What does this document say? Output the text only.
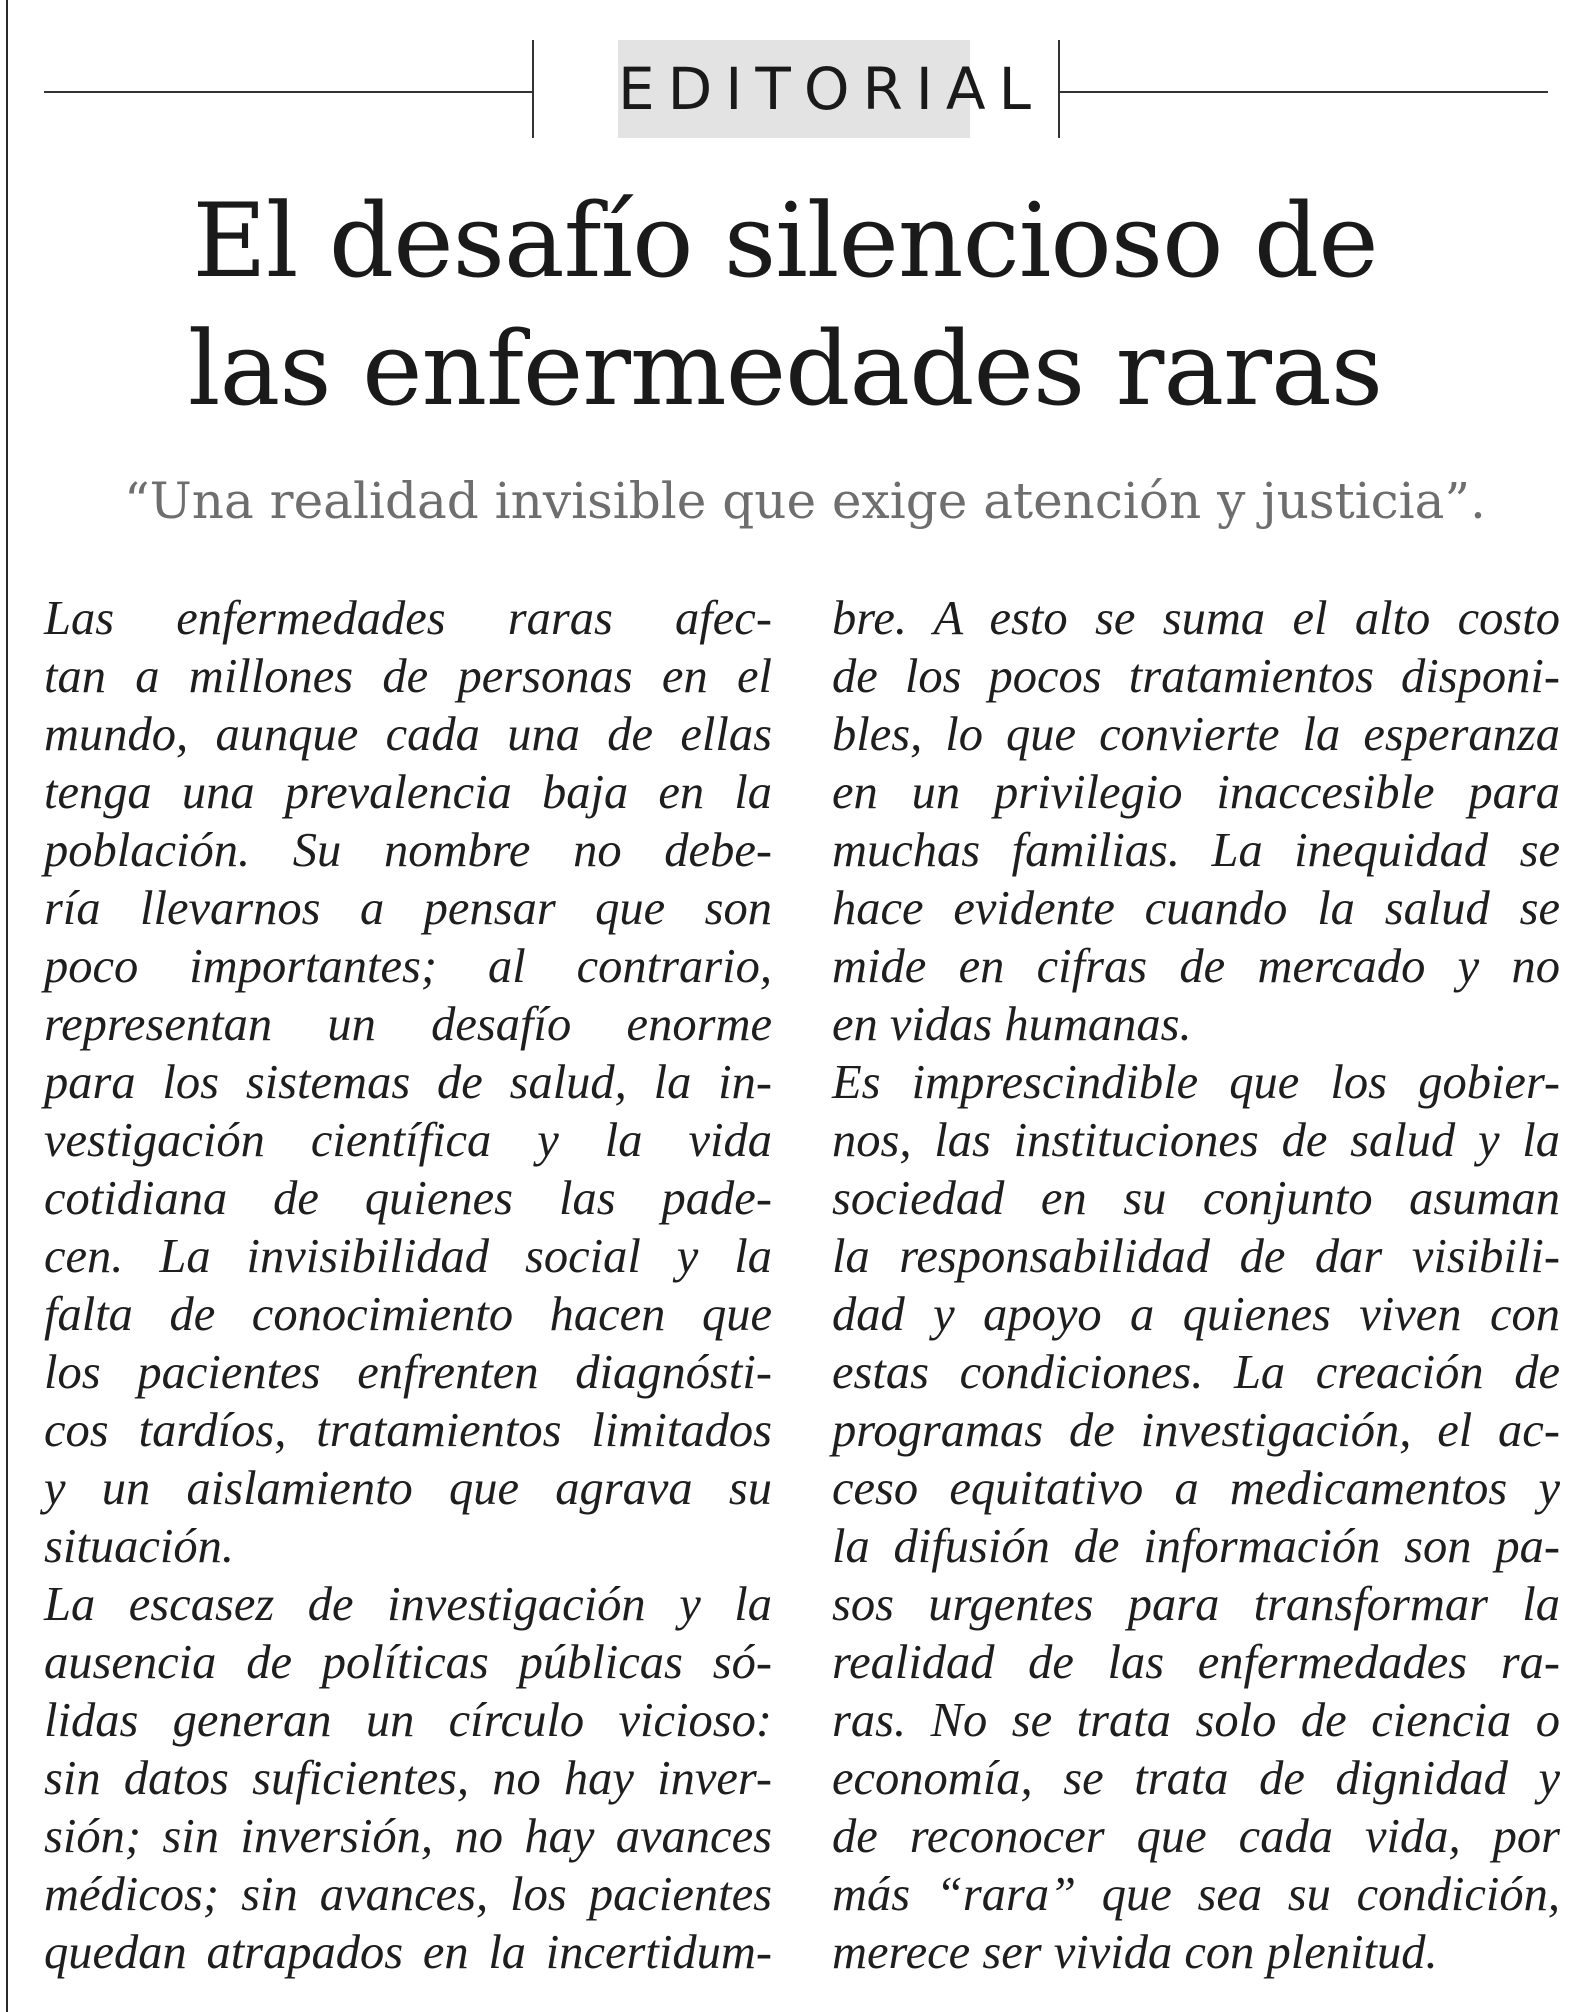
EDITORIAL
El desafío silencioso de
las enfermedades raras

“Una realidad invisible que exige atención y justicia”.

Las enfermedades raras afec-
tan a millones de personas en el
mundo, aunque cada una de ellas
tenga una prevalencia baja en la
población. Su nombre no debe-
ría llevarnos a pensar que son
poco importantes; al contrario,
representan un desafío enorme
para los sistemas de salud, la in-
vestigación científica y la vida
cotidiana de quienes las pade-
cen. La invisibilidad social y la
falta de conocimiento hacen que
los pacientes enfrenten diagnósti-
cos tardíos, tratamientos limitados
y un aislamiento que agrava su
situación.
La escasez de investigación y la
ausencia de políticas públicas só-
lidas generan un círculo vicioso:
sin datos suficientes, no hay inver-
sión; sin inversión, no hay avances
médicos; sin avances, los pacientes
quedan atrapados en la incertidum-
bre. A esto se suma el alto costo
de los pocos tratamientos disponi-
bles, lo que convierte la esperanza
en un privilegio inaccesible para
muchas familias. La inequidad se
hace evidente cuando la salud se
mide en cifras de mercado y no
en vidas humanas.
Es imprescindible que los gobier-
nos, las instituciones de salud y la
sociedad en su conjunto asuman
la responsabilidad de dar visibili-
dad y apoyo a quienes viven con
estas condiciones. La creación de
programas de investigación, el ac-
ceso equitativo a medicamentos y
la difusión de información son pa-
sos urgentes para transformar la
realidad de las enfermedades ra-
ras. No se trata solo de ciencia o
economía, se trata de dignidad y
de reconocer que cada vida, por
más “rara” que sea su condición,
merece ser vivida con plenitud.
